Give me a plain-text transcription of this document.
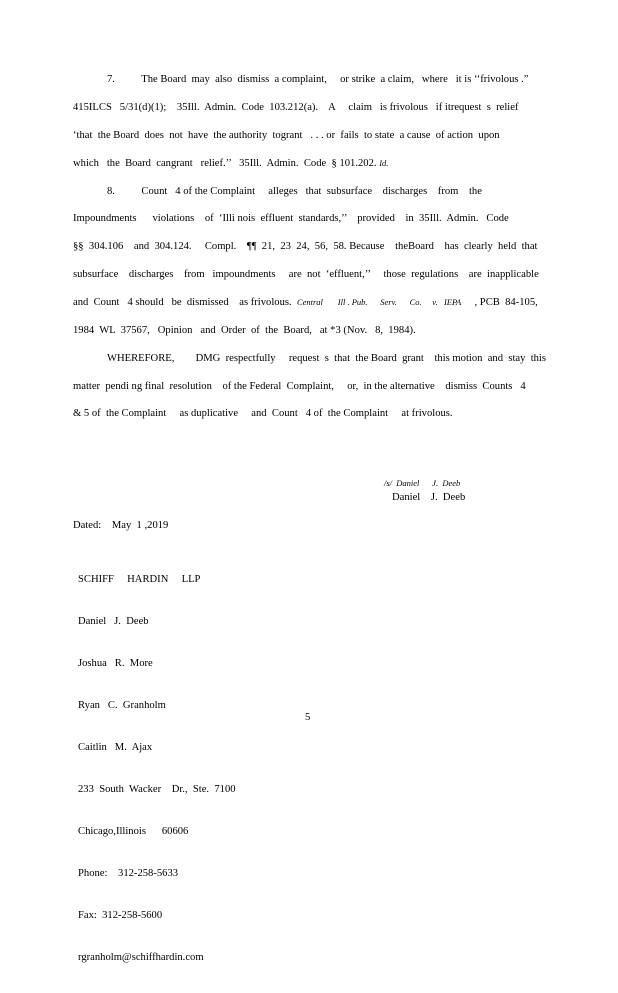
7.          The Board  may  also  dismiss  a complaint,     or strike  a claim,   where   it is ‘‘frivolous .”
415ILCS   5/31(d)(1);    35Ill.  Admin.  Code  103.212(a).    A     claim   is frivolous   if itrequest  s  relief
‘that  the Board  does  not  have  the authority  togrant   . . . or  fails  to state  a cause  of action  upon
which   the  Board  cangrant   relief.’’   35Ill.  Admin.  Code  § 101.202. Id.
8.          Count   4 of the Complaint     alleges   that  subsurface    discharges    from    the
Impoundments      violations    of  ‘Illi nois  effluent  standards,’’    provided    in  35Ill.  Admin.   Code
§§  304.106    and  304.124.     Compl.    ¶¶  21,  23  24,  56,  58. Because    theBoard    has  clearly  held  that
subsurface    discharges    from   impoundments     are  not  ‘effluent,’’     those  regulations    are  inapplicable
and  Count   4 should   be  dismissed    as frivolous. Central       Ill . Pub.      Serv.      Co.     v.   IEPA     , PCB  84-105,
1984  WL  37567,   Opinion   and  Order  of  the  Board,   at *3 (Nov.   8,  1984).
WHEREFORE,        DMG  respectfully     request  s  that  the Board  grant    this motion  and  stay  this
matter  pendi ng final  resolution    of the Federal  Complaint,     or,  in the alternative    dismiss  Counts   4
& 5 of  the Complaint     as duplicative     and  Count   4 of  the Complaint     at frivolous.
/s/  Daniel      J.  Deeb
Daniel    J.  Deeb
Dated:    May  1 ,2019

SCHIFF     HARDIN     LLP

Daniel   J.  Deeb

Joshua   R.  More

Ryan   C.  Granholm

Caitlin   M.  Ajax

233  South  Wacker    Dr.,  Ste.  7100

Chicago,Illinois      60606

Phone:    312-258-5633

Fax:  312-258-5600

rgranholm@schiffhardin.com

5
